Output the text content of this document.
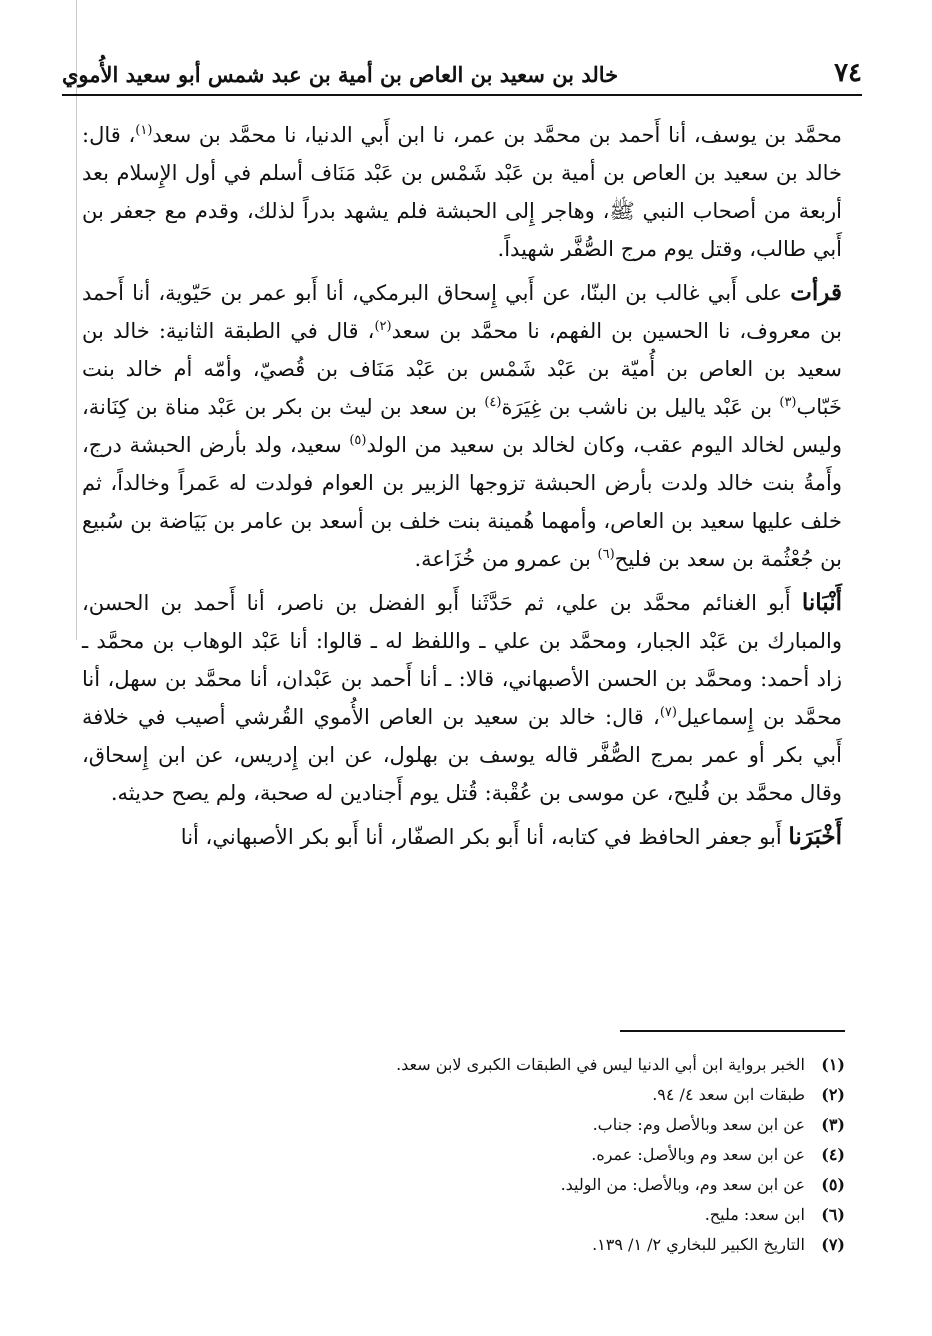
٧٤
خالد بن سعيد بن العاص بن أمية بن عبد شمس أبو سعيد الأُموي

محمَّد بن يوسف، أنا أَحمد بن محمَّد بن عمر، نا ابن أَبي الدنيا، نا محمَّد بن سعد$^{(١)}$، قال: خالد بن سعيد بن العاص بن أمية بن عَبْد شَمْس بن عَبْد مَنَاف أسلم في أول الإِسلام بعد أربعة من أصحاب النبي ﷺ، وهاجر إِلى الحبشة فلم يشهد بدراً لذلك، وقدم مع جعفر بن أَبي طالب، وقتل يوم مرج الصُّفَّر شهيداً.

قرأت على أَبي غالب بن البنّا، عن أَبي إِسحاق البرمكي، أنا أَبو عمر بن حَيّوية، أنا أَحمد بن معروف، نا الحسين بن الفهم، نا محمَّد بن سعد$^{(٢)}$، قال في الطبقة الثانية: خالد بن سعيد بن العاص بن أُميّة بن عَبْد شَمْس بن عَبْد مَنَاف بن قُصيّ، وأمّه أم خالد بنت خَبّاب$^{(٣)}$ بن عَبْد ياليل بن ناشب بن غِيَرَة$^{(٤)}$ بن سعد بن ليث بن بكر بن عَبْد مناة بن كِنَانة، وليس لخالد اليوم عقب، وكان لخالد بن سعيد من الولد$^{(٥)}$ سعيد، ولد بأرض الحبشة درج، وأَمةُ بنت خالد ولدت بأرض الحبشة تزوجها الزبير بن العوام فولدت له عَمراً وخالداً، ثم خلف عليها سعيد بن العاص، وأمهما هُمينة بنت خلف بن أسعد بن عامر بن بَيَاضة بن سُبيع بن جُعْثُمة بن سعد بن فليح$^{(٦)}$ بن عمرو من خُزَاعة.

أَنْبَانا أَبو الغنائم محمَّد بن علي، ثم حَدَّثَنا أَبو الفضل بن ناصر، أنا أَحمد بن الحسن، والمبارك بن عَبْد الجبار، ومحمَّد بن علي ـ واللفظ له ـ قالوا: أنا عَبْد الوهاب بن محمَّد ـ زاد أحمد: ومحمَّد بن الحسن الأصبهاني، قالا: ـ أنا أَحمد بن عَبْدان، أنا محمَّد بن سهل، أنا محمَّد بن إِسماعيل$^{(٧)}$، قال: خالد بن سعيد بن العاص الأُموي القُرشي أصيب في خلافة أَبي بكر أو عمر بمرج الصُّفَّر قاله يوسف بن بهلول، عن ابن إِدريس، عن ابن إِسحاق، وقال محمَّد بن فُليح، عن موسى بن عُقْبة: قُتل يوم أَجنادين له صحبة، ولم يصح حديثه.

أَخْبَرَنا أَبو جعفر الحافظ في كتابه، أنا أَبو بكر الصفّار، أنا أَبو بكر الأصبهاني، أنا

(١)الخبر برواية ابن أبي الدنيا ليس في الطبقات الكبرى لابن سعد.
(٢)طبقات ابن سعد ٤/ ٩٤.
(٣)عن ابن سعد وبالأصل وم: جناب.
(٤)عن ابن سعد وم وبالأصل: عمره.
(٥)عن ابن سعد وم، وبالأصل: من الوليد.
(٦)ابن سعد: مليح.
(٧)التاريخ الكبير للبخاري ٢/ ١/ ١٣٩.
